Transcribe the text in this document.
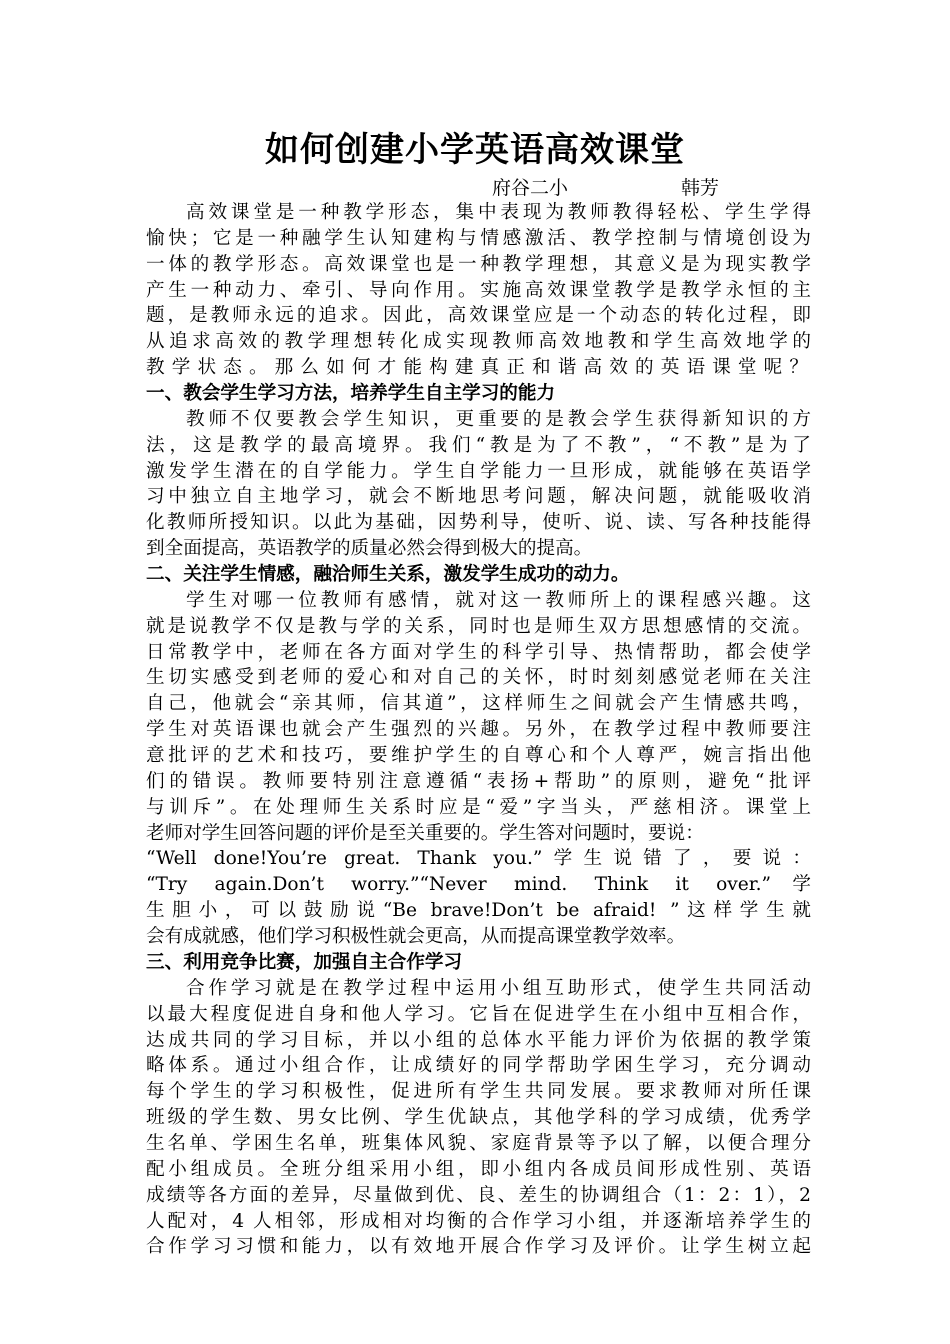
如何创建小学英语高效课堂
府谷二小	韩芳
高效课堂是一种教学形态，集中表现为教师教得轻松、学生学得
愉快；它是一种融学生认知建构与情感激活、教学控制与情境创设为
一体的教学形态。高效课堂也是一种教学理想，其意义是为现实教学
产生一种动力、牵引、导向作用。实施高效课堂教学是教学永恒的主
题，是教师永远的追求。因此，高效课堂应是一个动态的转化过程，即
从追求高效的教学理想转化成实现教师高效地教和学生高效地学的
教学状态。那么如何才能构建真正和谐高效的英语课堂呢？
一、教会学生学习方法，培养学生自主学习的能力
教师不仅要教会学生知识，更重要的是教会学生获得新知识的方
法，这是教学的最高境界。我们“教是为了不教”，“不教”是为了
激发学生潜在的自学能力。学生自学能力一旦形成，就能够在英语学
习中独立自主地学习，就会不断地思考问题，解决问题，就能吸收消
化教师所授知识。以此为基础，因势利导，使听、说、读、写各种技能得
到全面提高，英语教学的质量必然会得到极大的提高。
二、关注学生情感，融洽师生关系，激发学生成功的动力。
学生对哪一位教师有感情，就对这一教师所上的课程感兴趣。这
就是说教学不仅是教与学的关系，同时也是师生双方思想感情的交流。
日常教学中，老师在各方面对学生的科学引导、热情帮助，都会使学
生切实感受到老师的爱心和对自己的关怀，时时刻刻感觉老师在关注
自己，他就会“亲其师，信其道”，这样师生之间就会产生情感共鸣，
学生对英语课也就会产生强烈的兴趣。另外，在教学过程中教师要注
意批评的艺术和技巧，要维护学生的自尊心和个人尊严，婉言指出他
们的错误。教师要特别注意遵循“表扬+帮助”的原则，避免“批评
与训斥”。在处理师生关系时应是“爱”字当头，严慈相济。课堂上
老师对学生回答问题的评价是至关重要的。学生答对问题时，要说：
“Well done!You’re great. Thank you.”学生说错了，要说：
“Try again.Don’t worry.”“Never mind. Think it over.”学
生胆小，可以鼓励说“Be brave!Don’t be afraid! ”这样学生就
会有成就感，他们学习积极性就会更高，从而提高课堂教学效率。
三、利用竞争比赛，加强自主合作学习
合作学习就是在教学过程中运用小组互助形式，使学生共同活动
以最大程度促进自身和他人学习。它旨在促进学生在小组中互相合作，
达成共同的学习目标，并以小组的总体水平能力评价为依据的教学策
略体系。通过小组合作，让成绩好的同学帮助学困生学习，充分调动
每个学生的学习积极性，促进所有学生共同发展。要求教师对所任课
班级的学生数、男女比例、学生优缺点，其他学科的学习成绩，优秀学
生名单、学困生名单，班集体风貌、家庭背景等予以了解，以便合理分
配小组成员。全班分组采用小组，即小组内各成员间形成性别、英语
成绩等各方面的差异，尽量做到优、良、差生的协调组合（1：2：1），2
人配对，4 人相邻，形成相对均衡的合作学习小组，并逐渐培养学生的
合作学习习惯和能力，以有效地开展合作学习及评价。让学生树立起
